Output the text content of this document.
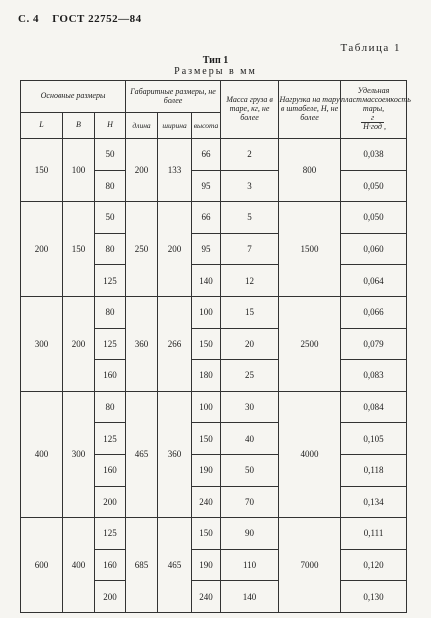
С. 4 ГОСТ 22752—84
Таблица 1
Тип 1
Размеры в мм
Основные размеры			Габаритные размеры, не более			Масса груза в таре, кг, не более	Нагрузка на тару в штабеле, Н, не более	Удельная пластмассоемкость тары,

$\frac{г}{\text{Н·год}}$ ,
L	B	H	длина	ширина	высота			
150	100	50	200	133	66	2	800	0,038
		80			95	3		0,050
200	150	50	250	200	66	5	1500	0,050
		80			95	7		0,060
		125			140	12		0,064
300	200	80	360	266	100	15	2500	0,066
		125			150	20		0,079
		160			180	25		0,083
400	300	80	465	360	100	30	4000	0,084
		125			150	40		0,105
		160			190	50		0,118
		200			240	70		0,134
600	400	125	685	465	150	90	7000	0,111
		160			190	110		0,120
		200			240	140		0,130
